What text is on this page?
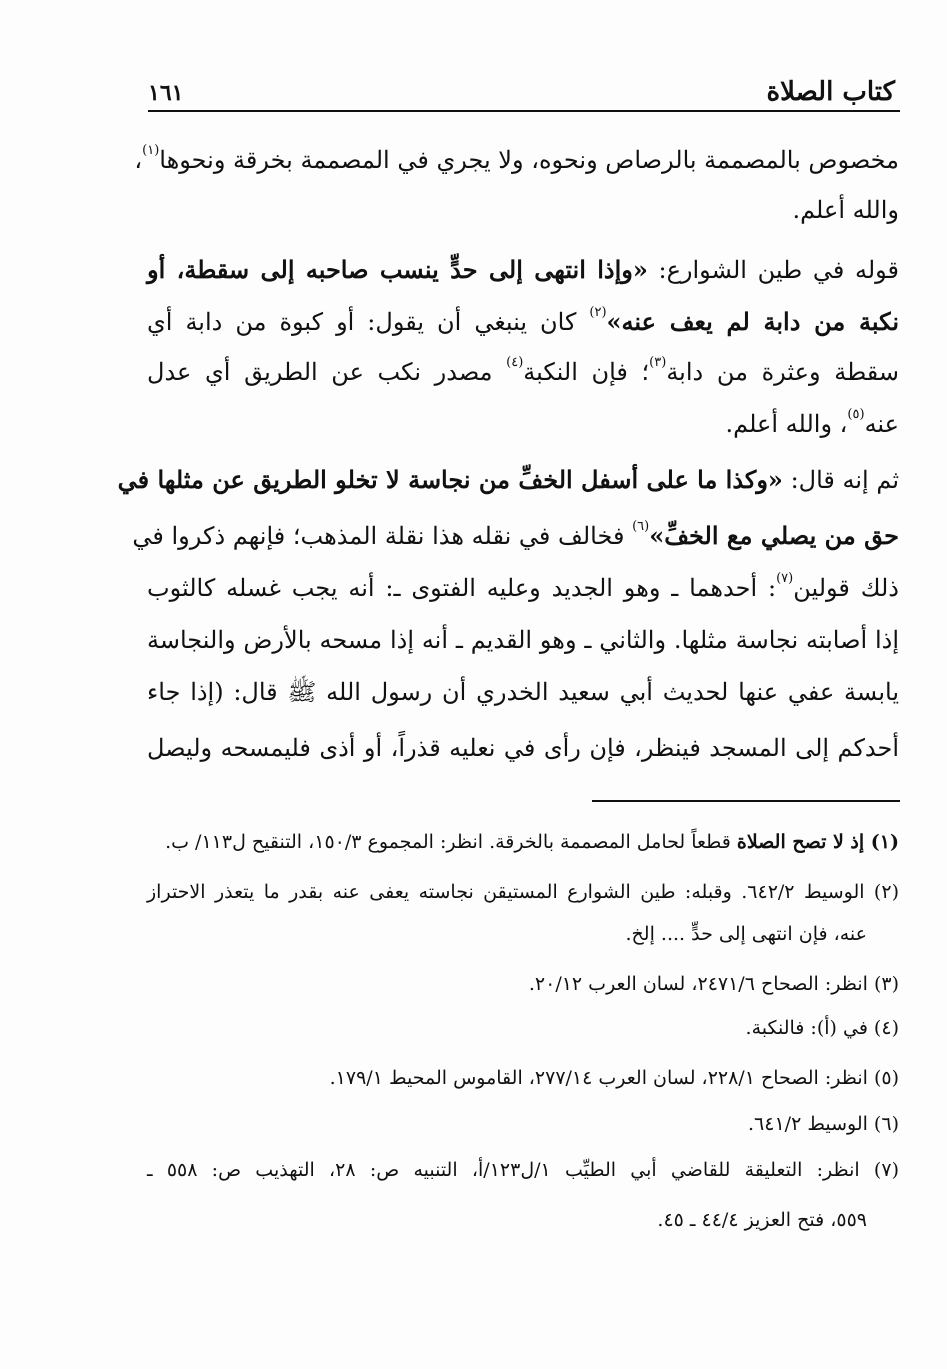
كتاب الصلاة
١٦١
مخصوص بالمصممة بالرصاص ونحوه، ولا يجري في المصممة بخرقة ونحوها$^{(١)}$،
والله أعلم.
قوله في طين الشوارع: «وإذا انتهى إلى حدٍّ ينسب صاحبه إلى سقطة، أو
نكبة من دابة لم يعف عنه»$^{(٢)}$ كان ينبغي أن يقول: أو كبوة من دابة أي
سقطة وعثرة من دابة$^{(٣)}$؛ فإن النكبة$^{(٤)}$ مصدر نكب عن الطريق أي عدل
عنه$^{(٥)}$، والله أعلم.
ثم إنه قال: «وكذا ما على أسفل الخفِّ من نجاسة لا تخلو الطريق عن مثلها في
حق من يصلي مع الخفِّ»$^{(٦)}$ فخالف في نقله هذا نقلة المذهب؛ فإنهم ذكروا في
ذلك قولين$^{(٧)}$: أحدهما ـ وهو الجديد وعليه الفتوى ـ: أنه يجب غسله كالثوب
إذا أصابته نجاسة مثلها. والثاني ـ وهو القديم ـ أنه إذا مسحه بالأرض والنجاسة
يابسة عفي عنها لحديث أبي سعيد الخدري أن رسول الله ﷺ قال: (إذا جاء
أحدكم إلى المسجد فينظر، فإن رأى في نعليه قذراً، أو أذى فليمسحه وليصل
(١) إذ لا تصح الصلاة قطعاً لحامل المصممة بالخرقة. انظر: المجموع ١٥٠/٣، التنقيح ل١١٣/ ب.
(٢) الوسيط ٦٤٢/٢. وقبله: طين الشوارع المستيقن نجاسته يعفى عنه بقدر ما يتعذر الاحتراز
عنه، فإن انتهى إلى حدٍّ .... إلخ.
(٣) انظر: الصحاح ٢٤٧١/٦، لسان العرب ٢٠/١٢.
(٤) في (أ): فالنكبة.
(٥) انظر: الصحاح ٢٢٨/١، لسان العرب ٢٧٧/١٤، القاموس المحيط ١٧٩/١.
(٦) الوسيط ٦٤١/٢.
(٧) انظر: التعليقة للقاضي أبي الطيِّب ١/ل١٢٣/أ، التنبيه ص: ٢٨، التهذيب ص: ٥٥٨ ـ
٥٥٩، فتح العزيز ٤٤/٤ ـ ٤٥.
